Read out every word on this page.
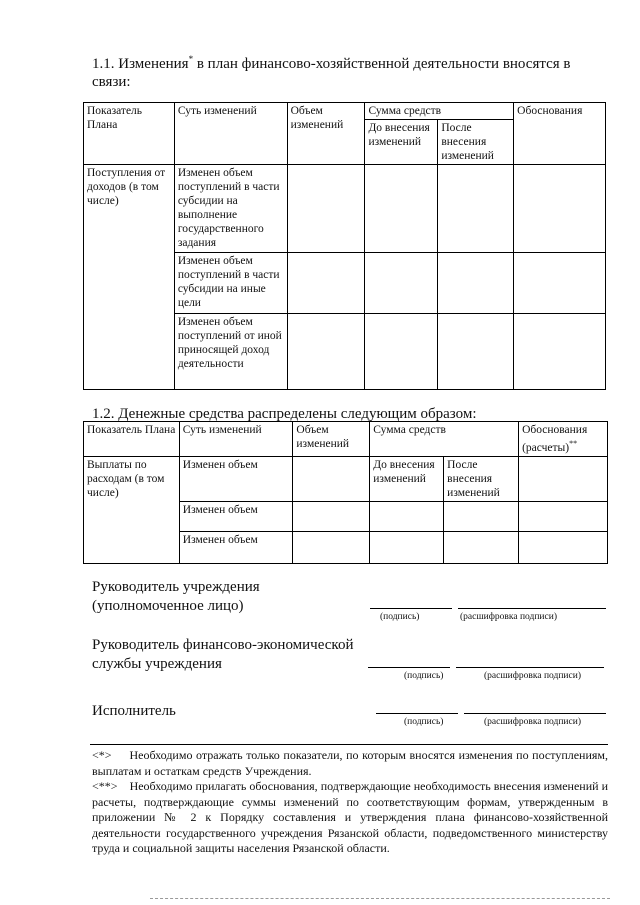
1.1. Изменения* в план финансово-хозяйственной деятельности вносятся в
связи:
Показатель Плана	Суть изменений	Объем изменений	Сумма средств		Обоснования
			До внесения изменений	После внесения изменений	
Поступления от доходов (в том числе)	Изменен объем поступлений в части субсидии на выполнение государственного задания				
	Изменен объем поступлений в части субсидии на иные цели				
	Изменен объем поступлений от иной приносящей доход деятельности				
1.2. Денежные средства распределены следующим образом:
Показатель Плана	Суть изменений	Объем изменений	Сумма средств		Обоснования (расчеты)**
Выплаты по расходам (в том числе)	Изменен объем		До внесения изменений	После внесения изменений	
	Изменен объем				
	Изменен объем				
Руководитель учреждения
(уполномоченное лицо)
(подпись)	(расшифровка подписи)
Руководитель финансово-экономической
службы учреждения
(подпись)	(расшифровка подписи)
Исполнитель
(подпись)	(расшифровка подписи)
<*> Необходимо отражать только показатели, по которым вносятся изменения по поступлениям, выплатам и остаткам средств Учреждения.
<**> Необходимо прилагать обоснования, подтверждающие необходимость внесения изменений и расчеты, подтверждающие суммы изменений по соответствующим формам, утвержденным в приложении № 2 к Порядку составления и утверждения плана финансово-хозяйственной деятельности государственного учреждения Рязанской области, подведомственного министерству труда и социальной защиты населения Рязанской области.
